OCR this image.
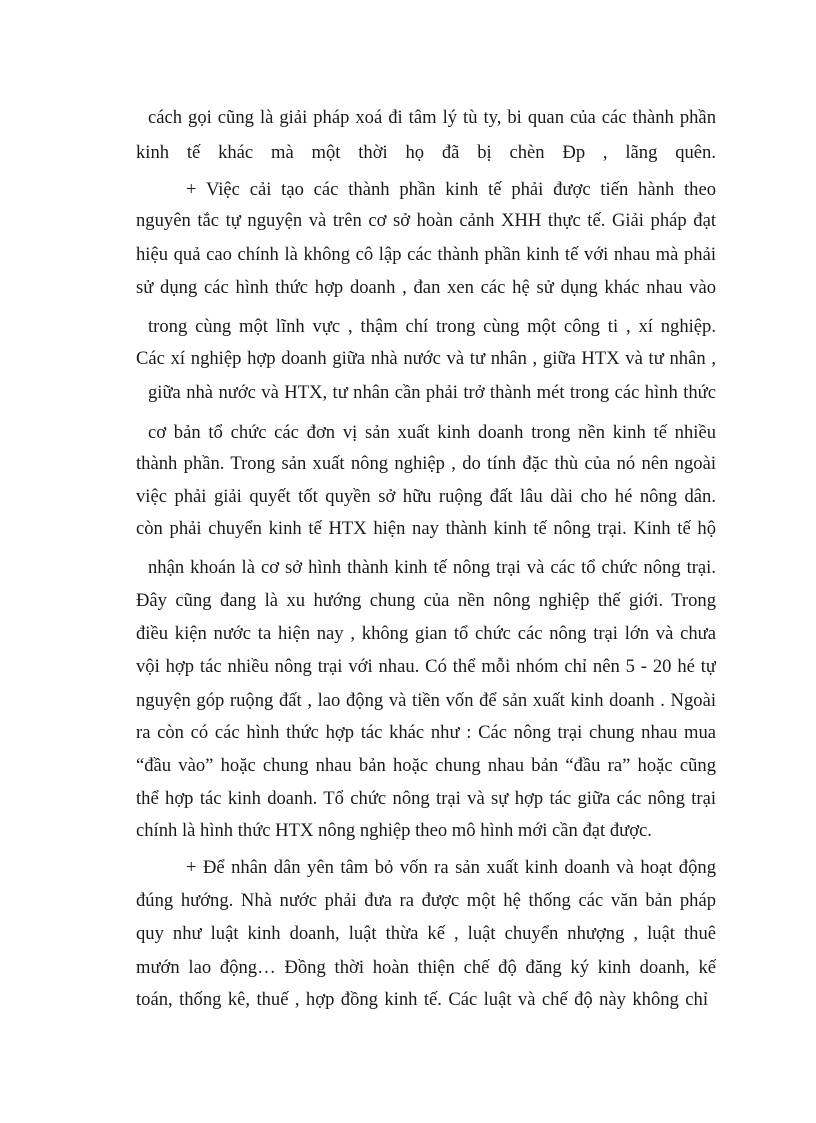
cách gọi cũng là giải pháp xoá đi tâm lý tù ty, bi quan của các thành phần
kinh tế khác mà một thời họ đã bị chèn Ðp , lãng quên.
+ Việc cải tạo các thành phần kinh tế phải được tiến hành theo
nguyên tắc tự nguyện và trên cơ sở hoàn cảnh XHH thực tế. Giải pháp đạt
hiệu quả cao chính là không cô lập các thành phần kinh tế với nhau mà phải
sử dụng các hình thức hợp doanh , đan xen các hệ sử dụng khác nhau vào
trong cùng một lĩnh vực , thậm chí trong cùng một công ti , xí nghiệp.
Các xí nghiệp hợp doanh giữa nhà nước và tư nhân , giữa HTX và tư nhân ,
giữa nhà nước và HTX, tư nhân cần phải trở thành mét trong các hình thức
cơ bản tổ chức các đơn vị sản xuất kinh doanh trong nền kinh tế nhiều
thành phần. Trong sản xuất nông nghiệp , do tính đặc thù của nó nên ngoài
việc phải giải quyết tốt quyền sở hữu ruộng đất lâu dài cho hé nông dân.
còn phải chuyển kinh tế HTX hiện nay thành kinh tế nông trại. Kinh tế hộ
nhận khoán là cơ sở hình thành kinh tế nông trại và các tổ chức nông trại.
Đây cũng đang là xu hướng chung của nền nông nghiệp thế giới. Trong
điều kiện nước ta hiện nay , không gian tổ chức các nông trại lớn và chưa
vội hợp tác nhiều nông trại với nhau. Có thể mỗi nhóm chỉ nên 5 - 20 hé tự
nguyện góp ruộng đất , lao động và tiền vốn để sản xuất kinh doanh . Ngoài
ra còn có các hình thức hợp tác khác như : Các nông trại chung nhau mua
“đầu vào” hoặc chung nhau bản hoặc chung nhau bản “đầu ra” hoặc cũng
thể hợp tác kinh doanh. Tổ chức nông trại và sự hợp tác giữa các nông trại
chính là hình thức HTX nông nghiệp theo mô hình mới cần đạt được.
+ Để nhân dân yên tâm bỏ vốn ra sản xuất kinh doanh và hoạt động
đúng hướng. Nhà nước phải đưa ra được một hệ thống các văn bản pháp
quy như luật kinh doanh, luật thừa kế , luật chuyển nhượng , luật thuê
mướn lao động… Đồng thời hoàn thiện chế độ đăng ký kinh doanh, kế
toán, thống kê, thuế , hợp đồng kinh tế. Các luật và chế độ này không chỉ
